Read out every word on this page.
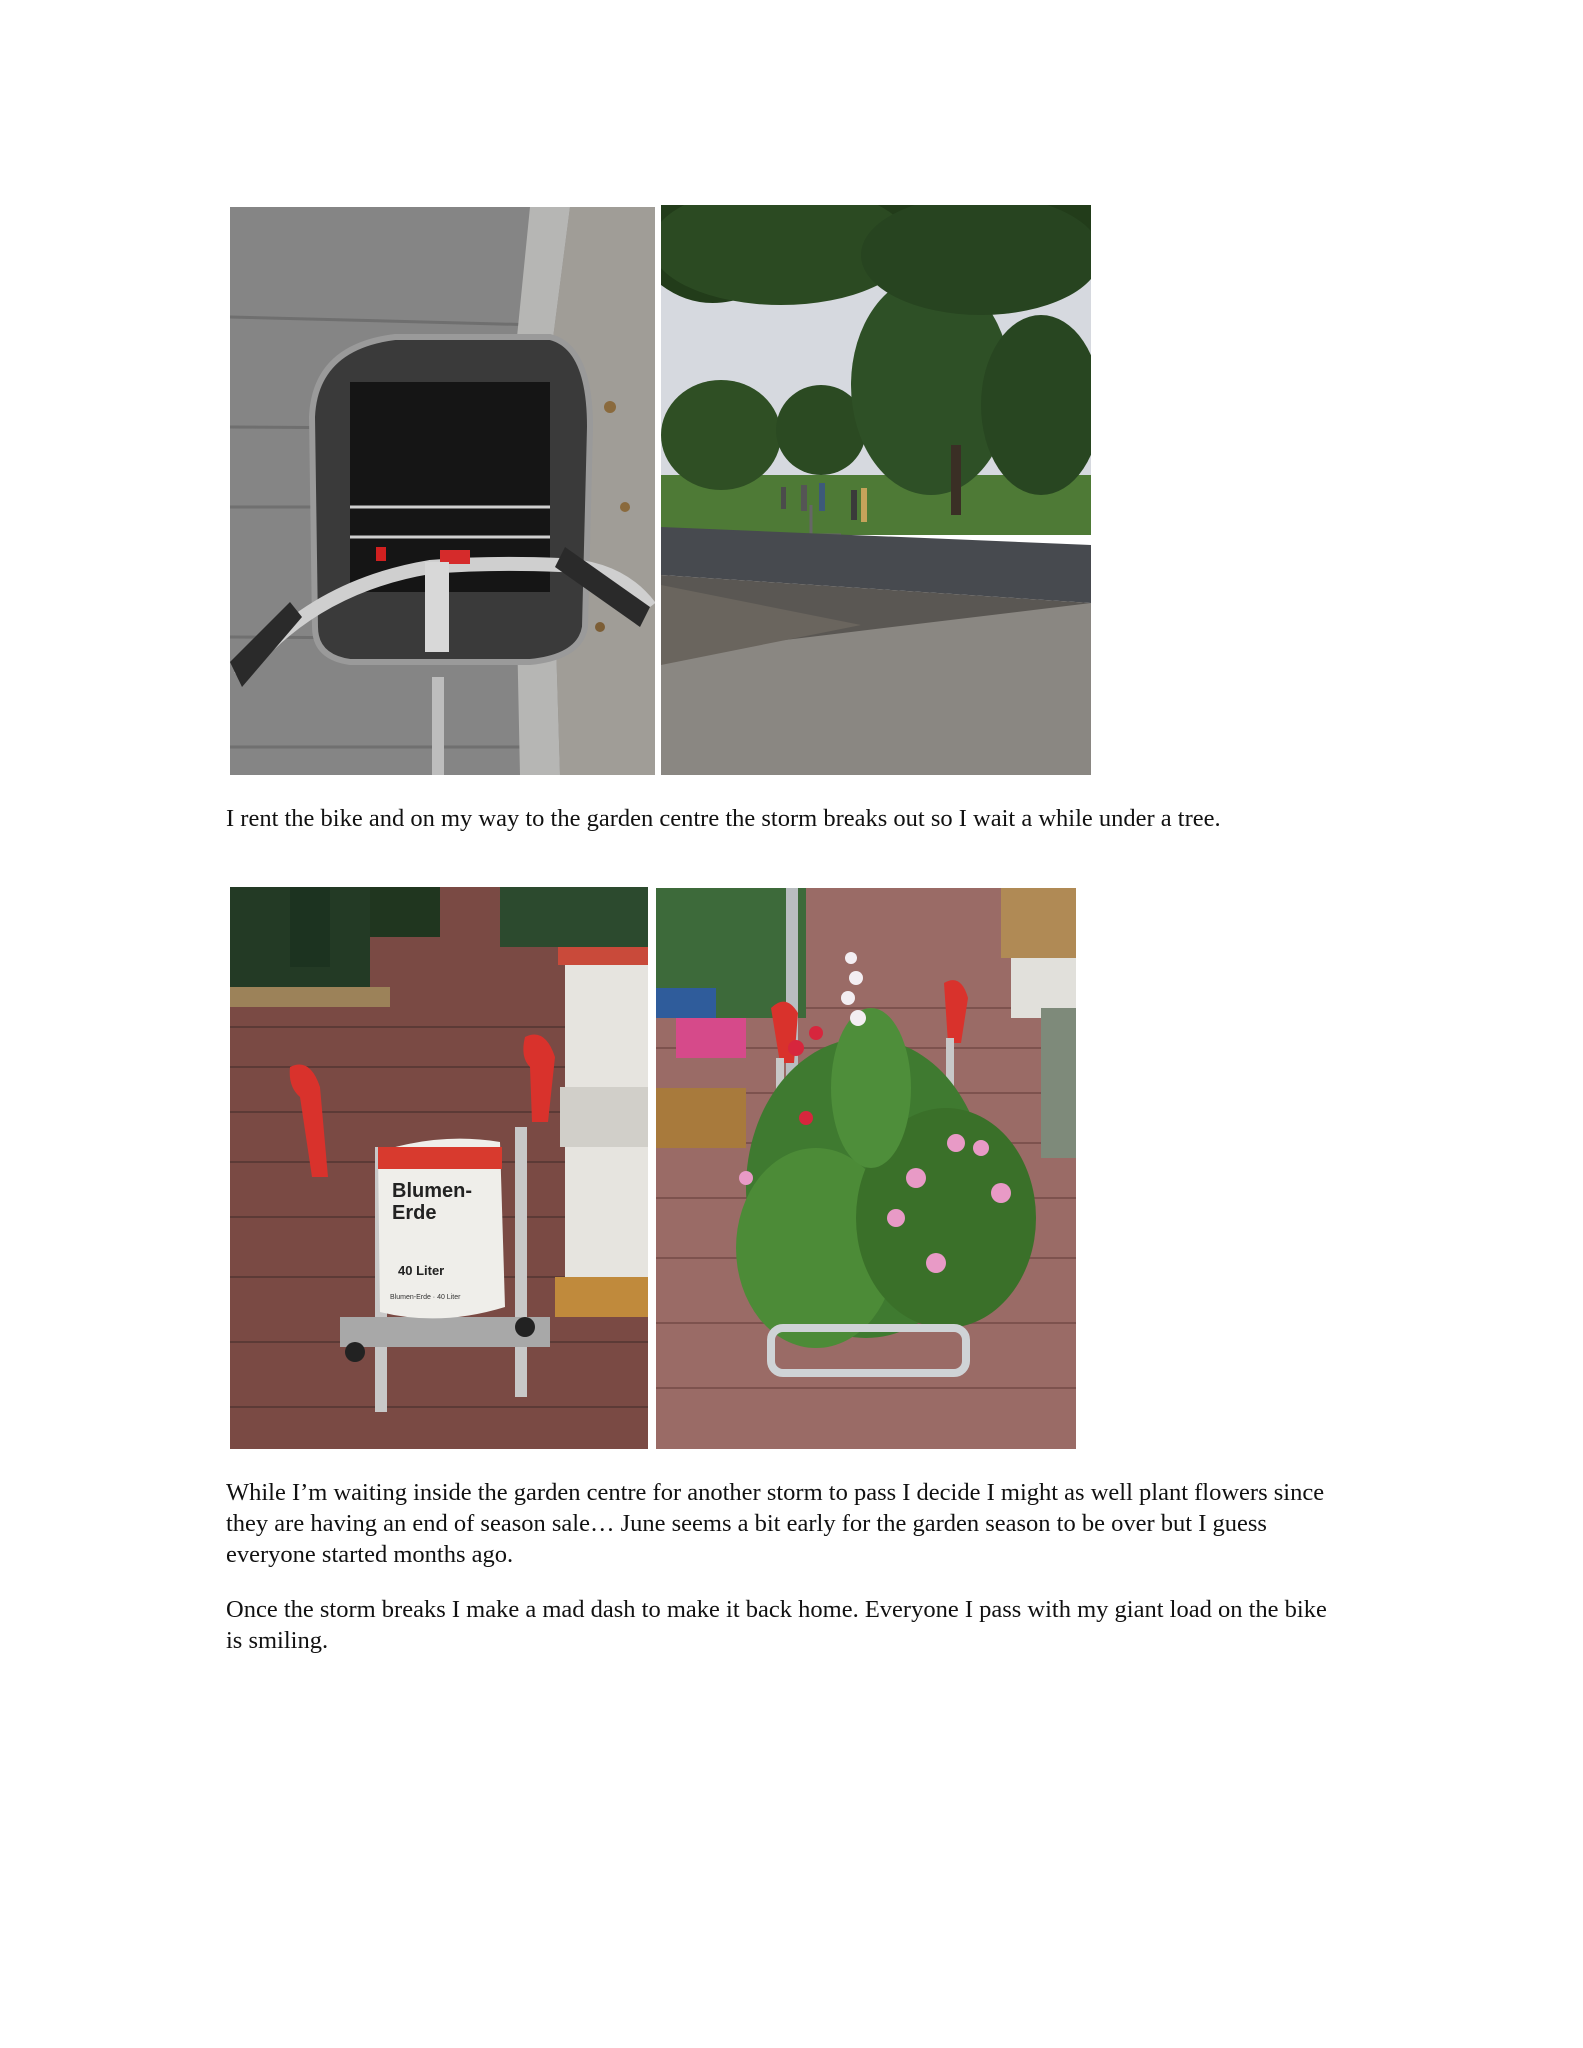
I rent the bike and on my way to the garden centre the storm breaks out so I wait a while under a tree.

Blumen-
Erde
40 Liter
Blumen-Erde · 40 Liter

While I’m waiting inside the garden centre for another storm to pass I decide I might as well plant flowers since they are having an end of season sale… June seems a bit early for the garden season to be over but I guess everyone started months ago.

Once the storm breaks I make a mad dash to make it back home. Everyone I pass with my giant load on the bike is smiling.
